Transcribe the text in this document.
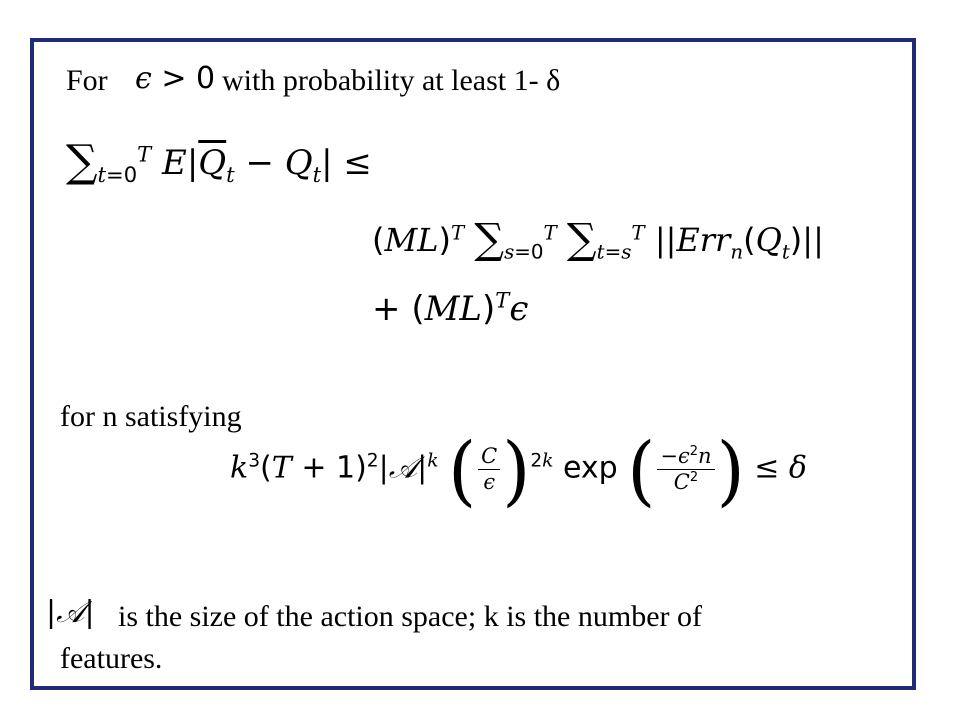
For ϵ > 0 with probability at least 1- δ
$\sum_{t=0}^T$ $E|\overline{Q}_t - Q_t|$ ≤
(ML)$^T$ $\sum_{s=0}^T$ $\sum_{t=s}^T$ $||Err_n(Q_t)||$
+ (ML)$^T$ϵ
for n satisfying
$k^3(T$ + $1)^2|𝒜|^k$ ( $\frac{C}{\epsilon} )^{2k}$ exp ( $\frac{-\epsilon^2n}{C^2}$ ) ≤ δ
|𝒜| is the size of the action space; k is the number of
features.
